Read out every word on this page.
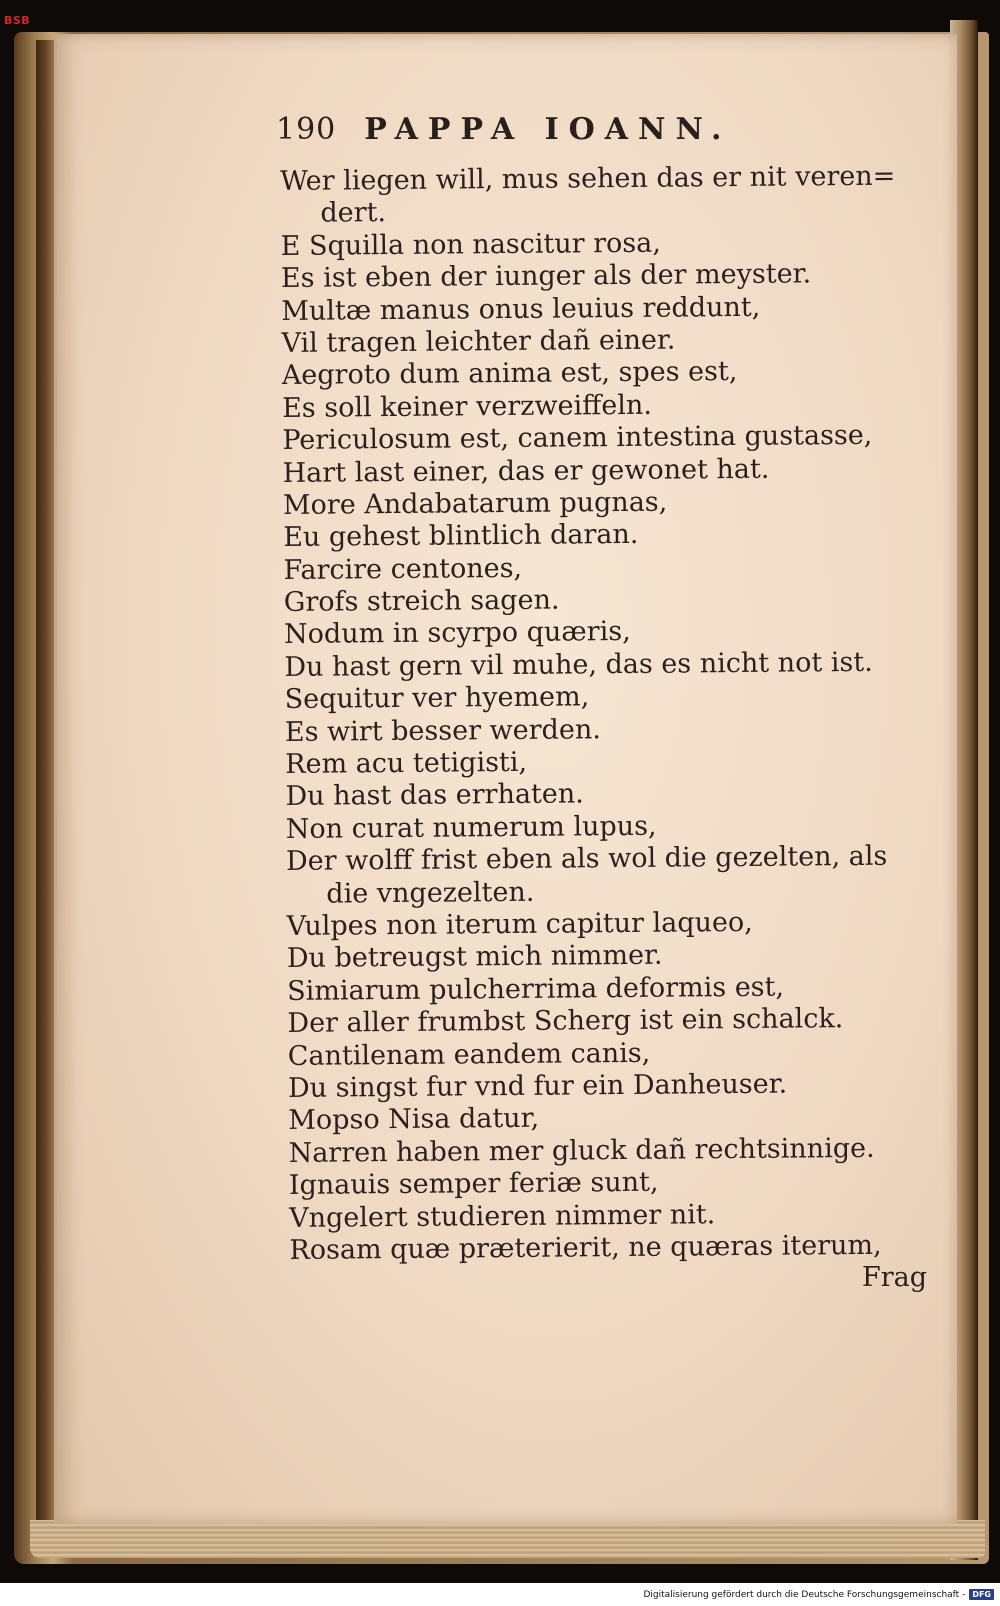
BSB
190 PAPPA IOANN.
Wer liegen will, mus sehen das er nit veren=
dert.
E Squilla non nascitur rosa,
Es ist eben der iunger als der meyster.
Multæ manus onus leuius reddunt,
Vil tragen leichter dañ einer.
Aegroto dum anima est, spes est,
Es soll keiner verzweiffeln.
Periculosum est, canem intestina gustasse,
Hart last einer, das er gewonet hat.
More Andabatarum pugnas,
Eu gehest blintlich daran.
Farcire centones,
Grofs streich sagen.
Nodum in scyrpo quæris,
Du hast gern vil muhe, das es nicht not ist.
Sequitur ver hyemem,
Es wirt besser werden.
Rem acu tetigisti,
Du hast das errhaten.
Non curat numerum lupus,
Der wolff frist eben als wol die gezelten, als
die vngezelten.
Vulpes non iterum capitur laqueo,
Du betreugst mich nimmer.
Simiarum pulcherrima deformis est,
Der aller frumbst Scherg ist ein schalck.
Cantilenam eandem canis,
Du singst fur vnd fur ein Danheuser.
Mopso Nisa datur,
Narren haben mer gluck dañ rechtsinnige.
Ignauis semper feriæ sunt,
Vngelert studieren nimmer nit.
Rosam quæ præterierit, ne quæras iterum,
Frag
Digitalisierung gefördert durch die Deutsche Forschungsgemeinschaft - DFG
